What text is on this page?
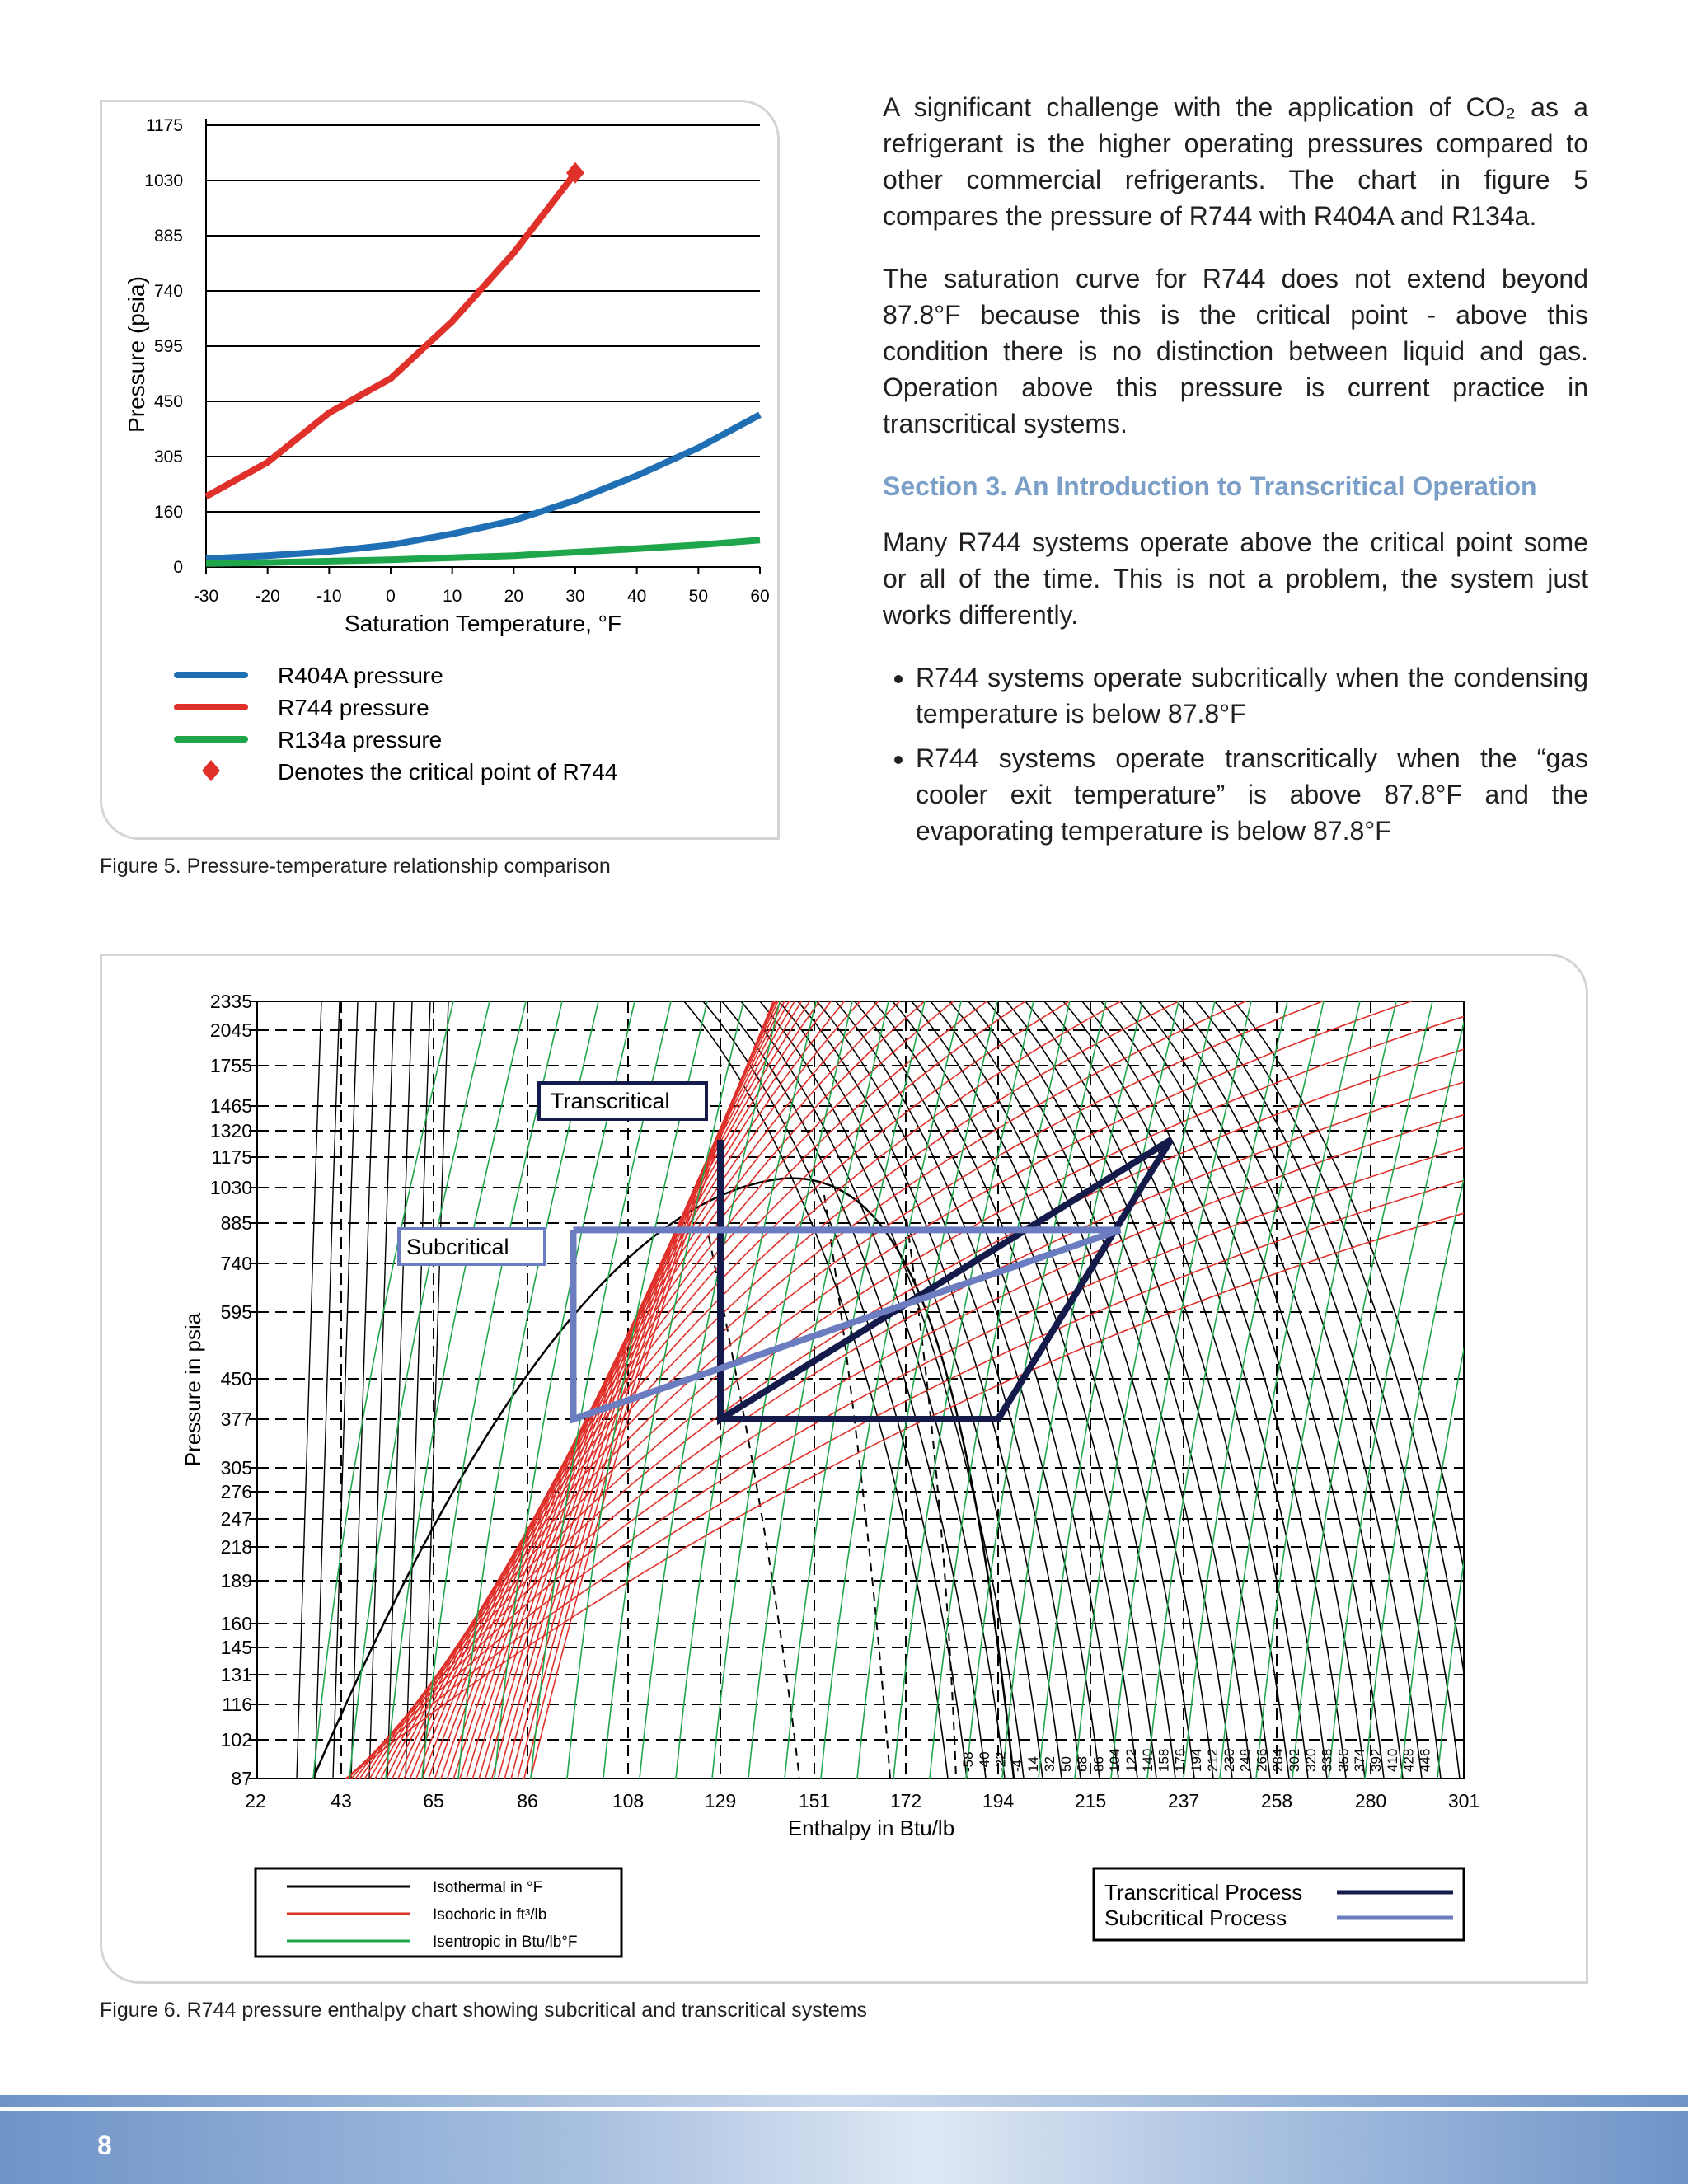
0
160
305
450
595
740
885
1030
1175
-30 -20 -10	0	10 20 30 40 50 60
Saturation Temperature, °F
Pressure (psia)
R404A pressure
R744 pressure
R134a pressure
Denotes the critical point of R744
87
102
116
131
145
160
189
218
247
276
305
377
450
595
740
885
1030
1175
1320
1465
1755
2045
2335
22	43	65	86	108	129	151	172	194	215	237	258	280	301
Enthalpy in Btu/lb
Pressure in psia
-58 -40 -22 -4 14 32 50 68 86 104 122 140 158 176 194 212 230 248 266 284 302 320 338 356 374 392 410 428 446
Transcritical
Subcritical
Isothermal in °F
Isochoric in ft³/lb
Isentropic in Btu/lb°F
Transcritical Process
Subcritical Process
Figure 5. Pressure-temperature relationship comparison
Figure 6. R744 pressure enthalpy chart showing subcritical and transcritical systems

A significant challenge with the application of CO₂ as a refrigerant is the higher operating pressures compared to other commercial refrigerants. The chart in figure 5 compares the pressure of R744 with R404A and R134a.

The saturation curve for R744 does not extend beyond 87.8°F because this is the critical point - above this condition there is no distinction between liquid and gas. Operation above this pressure is current practice in transcritical systems.

Section 3. An Introduction to Transcritical Operation

Many R744 systems operate above the critical point some or all of the time. This is not a problem, the system just works differently.

• R744 systems operate subcritically when the condensing temperature is below 87.8°F
• R744 systems operate transcritically when the “gas cooler exit temperature” is above 87.8°F and the evaporating temperature is below 87.8°F
8
